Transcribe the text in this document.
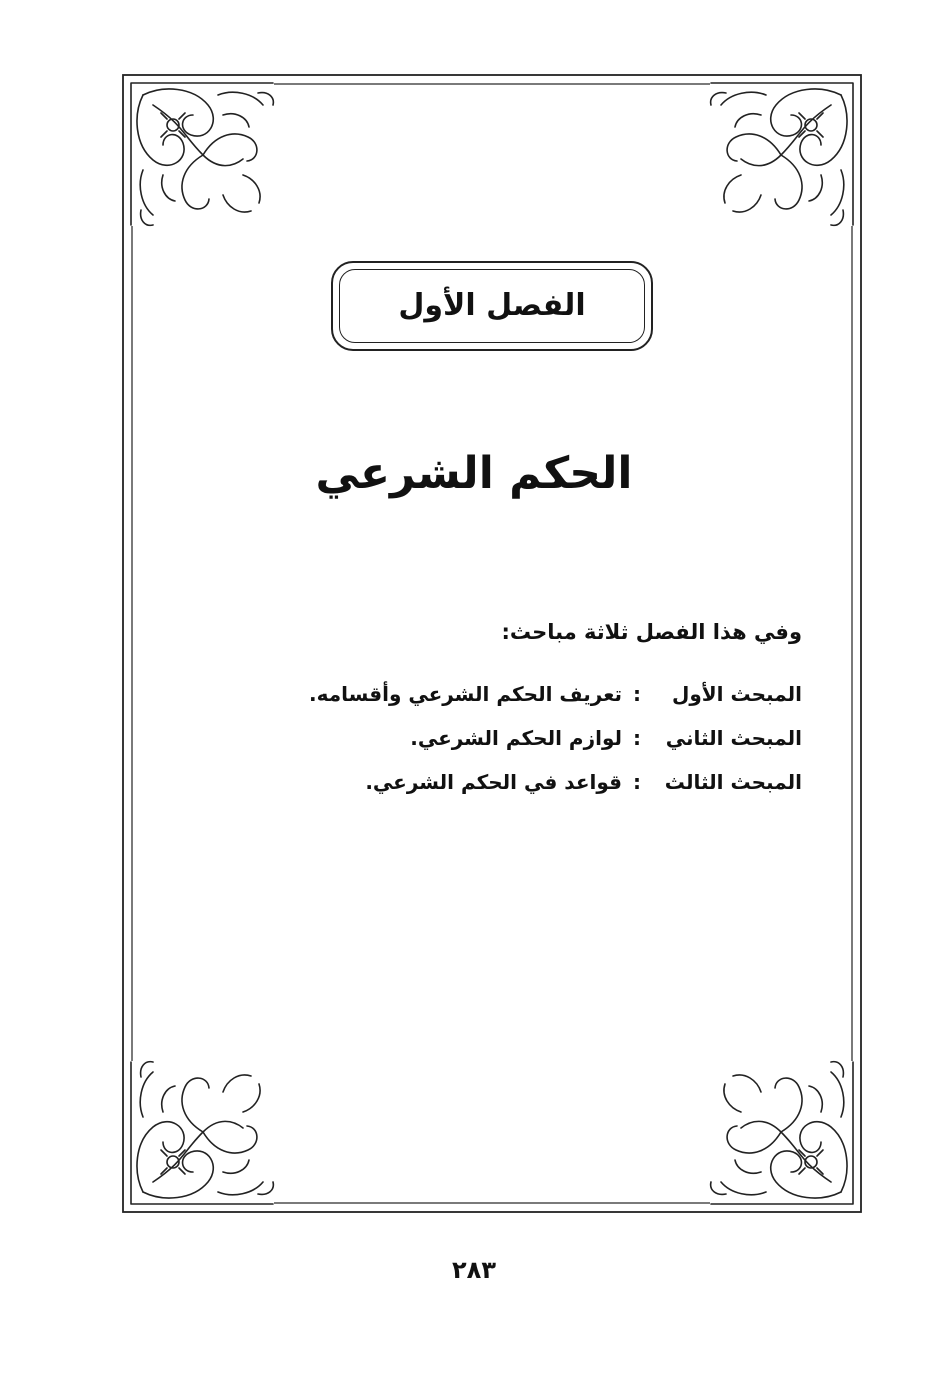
الفصل الأول
الحكم الشرعي
وفي هذا الفصل ثلاثة مباحث:
المبحث الأول
:
تعريف الحكم الشرعي وأقسامه.
المبحث الثاني
:
لوازم الحكم الشرعي.
المبحث الثالث
:
قواعد في الحكم الشرعي.
٢٨٣
